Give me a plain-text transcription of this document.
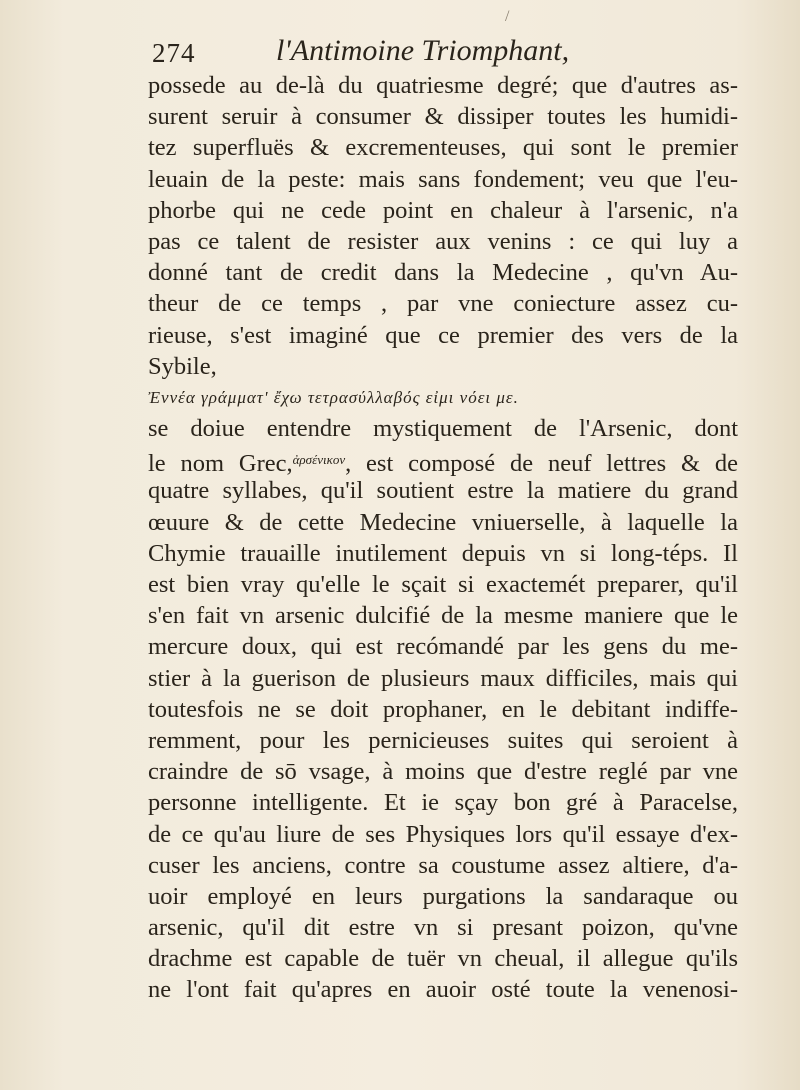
/
274	l'Antimoine Triomphant,
possede au de-là du quatriesme degré; que d'autres as-
surent seruir à consumer & dissiper toutes les humidi-
tez superfluës & excrementeuses, qui sont le premier
leuain de la peste: mais sans fondement; veu que l'eu-
phorbe qui ne cede point en chaleur à l'arsenic, n'a
pas ce talent de resister aux venins : ce qui luy a
donné tant de credit dans la Medecine , qu'vn Au-
theur de ce temps , par vne coniecture assez cu-
rieuse, s'est imaginé que ce premier des vers de la
Sybile,
Ἐννέα γράμματ' ἔχω τετρασύλλαβός εἰμι νόει με.
se doiue entendre mystiquement de l'Arsenic, dont
le nom Grec,$^{ἀ\rho\sigma έ\nu\iota\kappa o\nu}$, est composé de neuf lettres & de
quatre syllabes, qu'il soutient estre la matiere du grand
œuure & de cette Medecine vniuerselle, à laquelle la
Chymie trauaille inutilement depuis vn si long-téps. Il
est bien vray qu'elle le sçait si exactemét preparer, qu'il
s'en fait vn arsenic dulcifié de la mesme maniere que le
mercure doux, qui est recómandé par les gens du me-
stier à la guerison de plusieurs maux difficiles, mais qui
toutesfois ne se doit prophaner, en le debitant indiffe-
remment, pour les pernicieuses suites qui seroient à
craindre de sō vsage, à moins que d'estre reglé par vne
personne intelligente. Et ie sçay bon gré à Paracelse,
de ce qu'au liure de ses Physiques lors qu'il essaye d'ex-
cuser les anciens, contre sa coustume assez altiere, d'a-
uoir employé en leurs purgations la sandaraque ou
arsenic, qu'il dit estre vn si presant poizon, qu'vne
drachme est capable de tuër vn cheual, il allegue qu'ils
ne l'ont fait qu'apres en auoir osté toute la venenosi-
